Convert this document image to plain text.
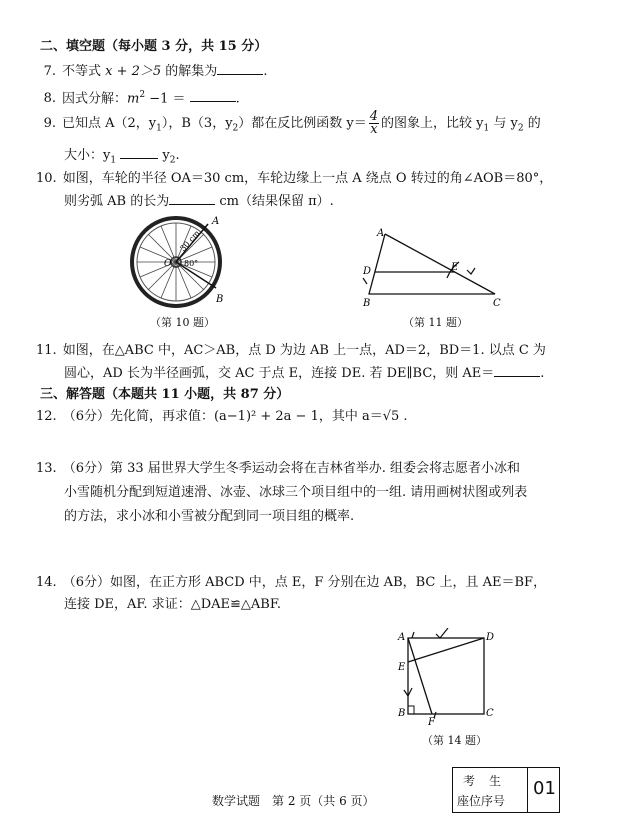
二、填空题（每小题 3 分，共 15 分）
7. 不等式 x + 2＞5 的解集为	.
8. 因式分解：$m^2 -1$ ＝	.
9. 已知点 A（2，$y_1$），B（3，$y_2$）都在反比例函数 $y= \frac{4}{x}$ 的图象上，比较 $y_1$ 与 $y_2$ 的
大小：$y_1$	$y_2$.
10. 如图，车轮的半径 OA＝30 cm，车轮边缘上一点 A 绕点 O 转过的角∠AOB＝80°，
则劣弧 AB 的长为	cm（结果保留 π）.
A
B
O
30 cm
80°
（第 10 题）
A
D	E
B	C
（第 11 题）
11. 如图，在△ABC 中，AC＞AB，点 D 为边 AB 上一点，AD＝2，BD＝1. 以点 C 为
圆心，AD 长为半径画弧，交 AC 于点 E，连接 DE. 若 DE∥BC，则 AE＝	.
三、解答题（本题共 11 小题，共 87 分）
12. （6分）先化简，再求值：(a−1)² + 2a − 1，其中 a＝√5 .
13. （6分）第 33 届世界大学生冬季运动会将在吉林省举办. 组委会将志愿者小冰和
小雪随机分配到短道速滑、冰壶、冰球三个项目组中的一组. 请用画树状图或列表
的方法，求小冰和小雪被分配到同一项目组的概率.
14. （6分）如图，在正方形 ABCD 中，点 E，F 分别在边 AB，BC 上，且 AE＝BF，
连接 DE，AF. 求证：△DAE≌△ABF.
A	D
E
B
F
C
（第 14 题）
数学试题　第 2 页（共 6 页）
考生
座位序号
01
